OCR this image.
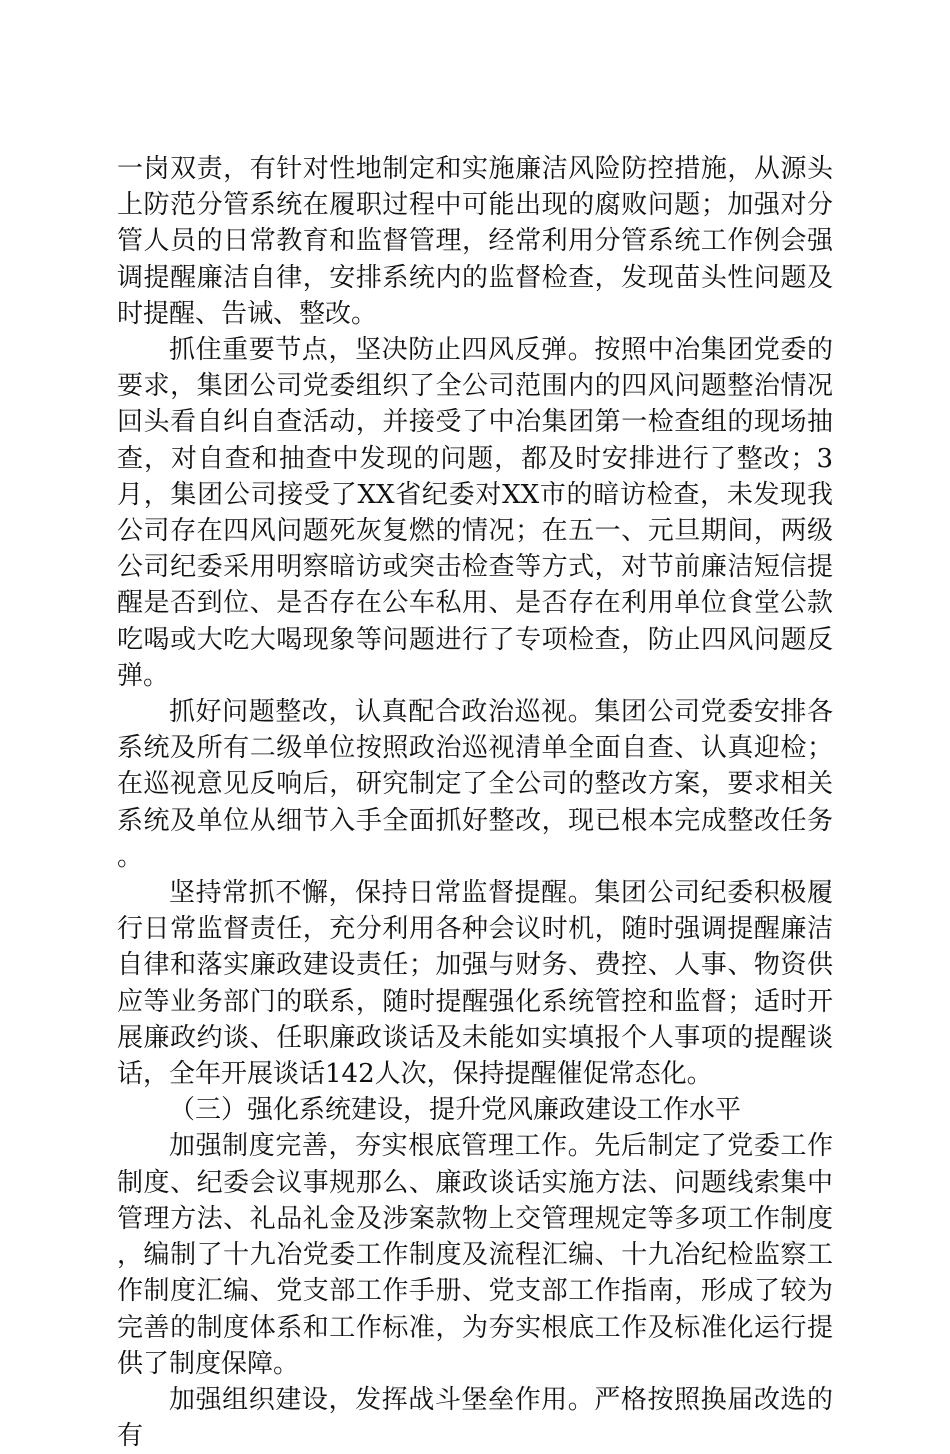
一岗双责，有针对性地制定和实施廉洁风险防控措施，从源头上防范分管系统在履职过程中可能出现的腐败问题；加强对分管人员的日常教育和监督管理，经常利用分管系统工作例会强调提醒廉洁自律，安排系统内的监督检查，发现苗头性问题及时提醒、告诫、整改。

抓住重要节点，坚决防止四风反弹。按照中冶集团党委的要求，集团公司党委组织了全公司范围内的四风问题整治情况回头看自纠自查活动，并接受了中冶集团第一检查组的现场抽查，对自查和抽查中发现的问题，都及时安排进行了整改；3月，集团公司接受了XX省纪委对XX市的暗访检查，未发现我公司存在四风问题死灰复燃的情况；在五一、元旦期间，两级公司纪委采用明察暗访或突击检查等方式，对节前廉洁短信提醒是否到位、是否存在公车私用、是否存在利用单位食堂公款吃喝或大吃大喝现象等问题进行了专项检查，防止四风问题反弹。

抓好问题整改，认真配合政治巡视。集团公司党委安排各系统及所有二级单位按照政治巡视清单全面自查、认真迎检；在巡视意见反响后，研究制定了全公司的整改方案，要求相关系统及单位从细节入手全面抓好整改，现已根本完成整改任务。

坚持常抓不懈，保持日常监督提醒。集团公司纪委积极履行日常监督责任，充分利用各种会议时机，随时强调提醒廉洁自律和落实廉政建设责任；加强与财务、费控、人事、物资供应等业务部门的联系，随时提醒强化系统管控和监督；适时开展廉政约谈、任职廉政谈话及未能如实填报个人事项的提醒谈话，全年开展谈话142人次，保持提醒催促常态化。

（三）强化系统建设，提升党风廉政建设工作水平

加强制度完善，夯实根底管理工作。先后制定了党委工作制度、纪委会议事规那么、廉政谈话实施方法、问题线索集中管理方法、礼品礼金及涉案款物上交管理规定等多项工作制度，编制了十九冶党委工作制度及流程汇编、十九冶纪检监察工作制度汇编、党支部工作手册、党支部工作指南，形成了较为完善的制度体系和工作标准，为夯实根底工作及标准化运行提供了制度保障。

加强组织建设，发挥战斗堡垒作用。严格按照换届改选的有
